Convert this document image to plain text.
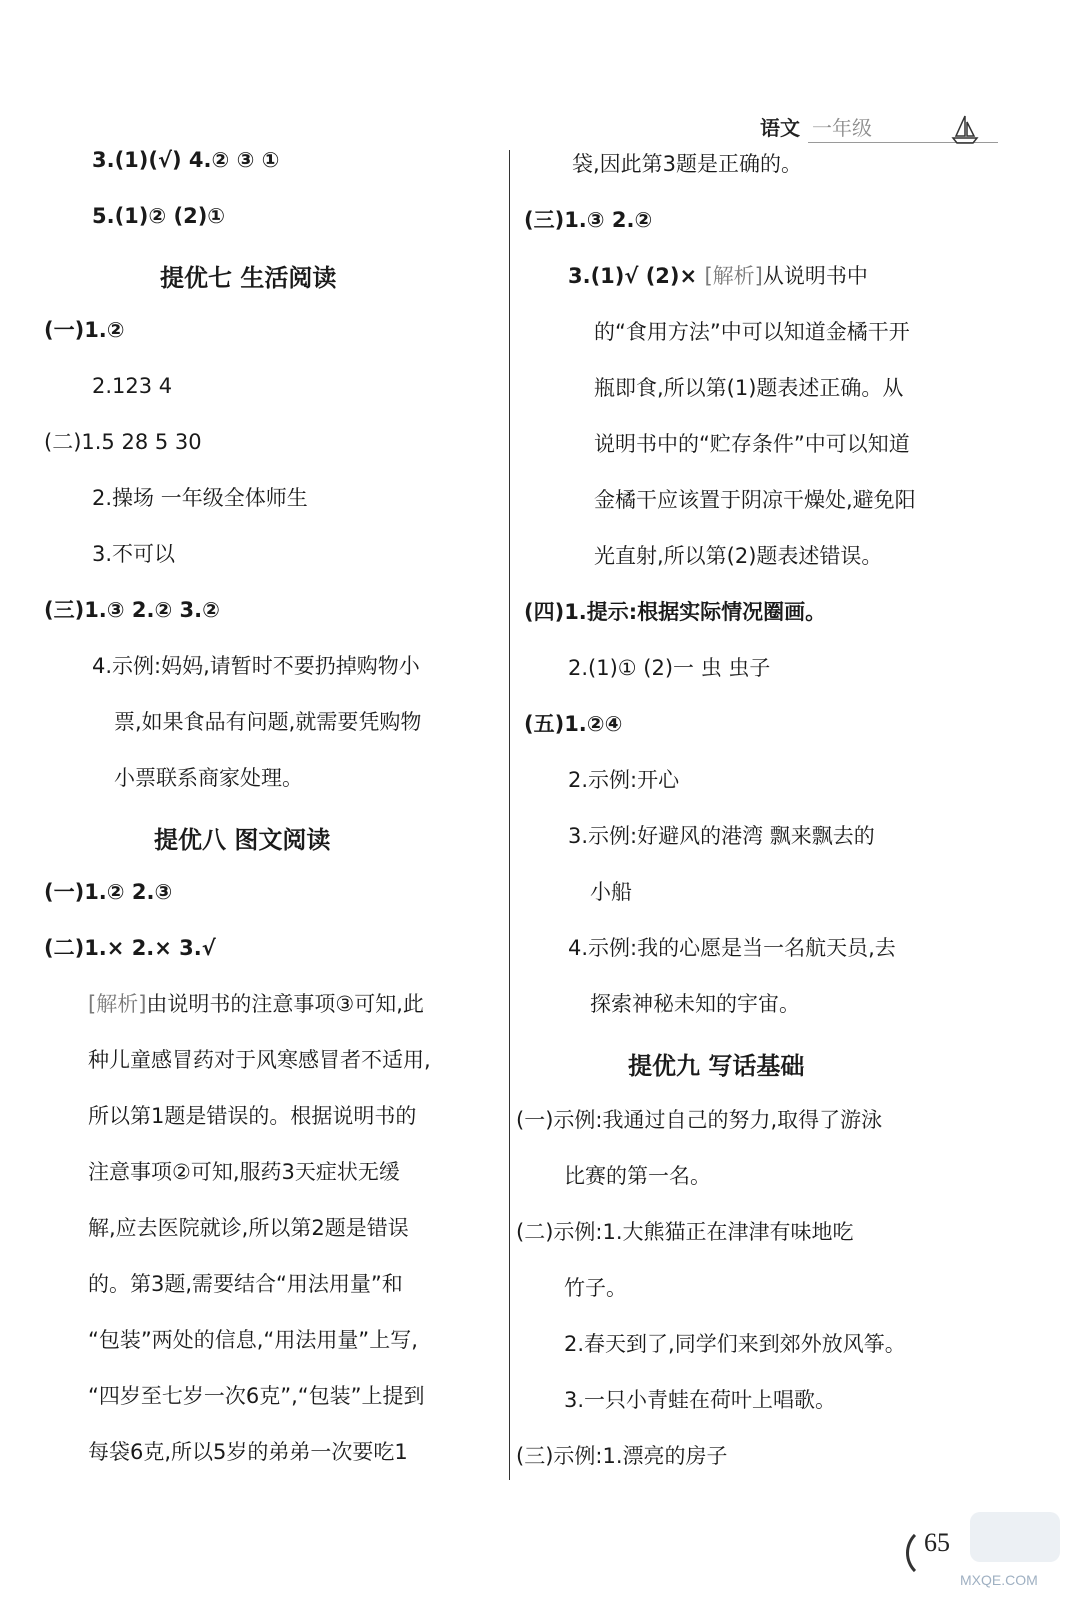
语文 一年级
3.(1)(√) 4.② ③ ①
5.(1)② (2)①
提优七 生活阅读
(一)1.②
2.123 4
(二)1.5 28 5 30
2.操场 一年级全体师生
3.不可以
(三)1.③ 2.② 3.②
4.示例:妈妈,请暂时不要扔掉购物小
票,如果食品有问题,就需要凭购物
小票联系商家处理。
提优八 图文阅读
(一)1.② 2.③
(二)1.× 2.× 3.√
[解析]由说明书的注意事项③可知,此
种儿童感冒药对于风寒感冒者不适用,
所以第1题是错误的。根据说明书的
注意事项②可知,服药3天症状无缓
解,应去医院就诊,所以第2题是错误
的。第3题,需要结合“用法用量”和
“包装”两处的信息,“用法用量”上写,
“四岁至七岁一次6克”,“包装”上提到
每袋6克,所以5岁的弟弟一次要吃1
袋,因此第3题是正确的。
(三)1.③ 2.②
3.(1)√ (2)× [解析]从说明书中
的“食用方法”中可以知道金橘干开
瓶即食,所以第(1)题表述正确。从
说明书中的“贮存条件”中可以知道
金橘干应该置于阴凉干燥处,避免阳
光直射,所以第(2)题表述错误。
(四)1.提示:根据实际情况圈画。
2.(1)① (2)一 虫 虫子
(五)1.②④
2.示例:开心
3.示例:好避风的港湾 飘来飘去的
小船
4.示例:我的心愿是当一名航天员,去
探索神秘未知的宇宙。
提优九 写话基础
(一)示例:我通过自己的努力,取得了游泳
比赛的第一名。
(二)示例:1.大熊猫正在津津有味地吃
竹子。
2.春天到了,同学们来到郊外放风筝。
3.一只小青蛙在荷叶上唱歌。
(三)示例:1.漂亮的房子
65
MXQE.COM
